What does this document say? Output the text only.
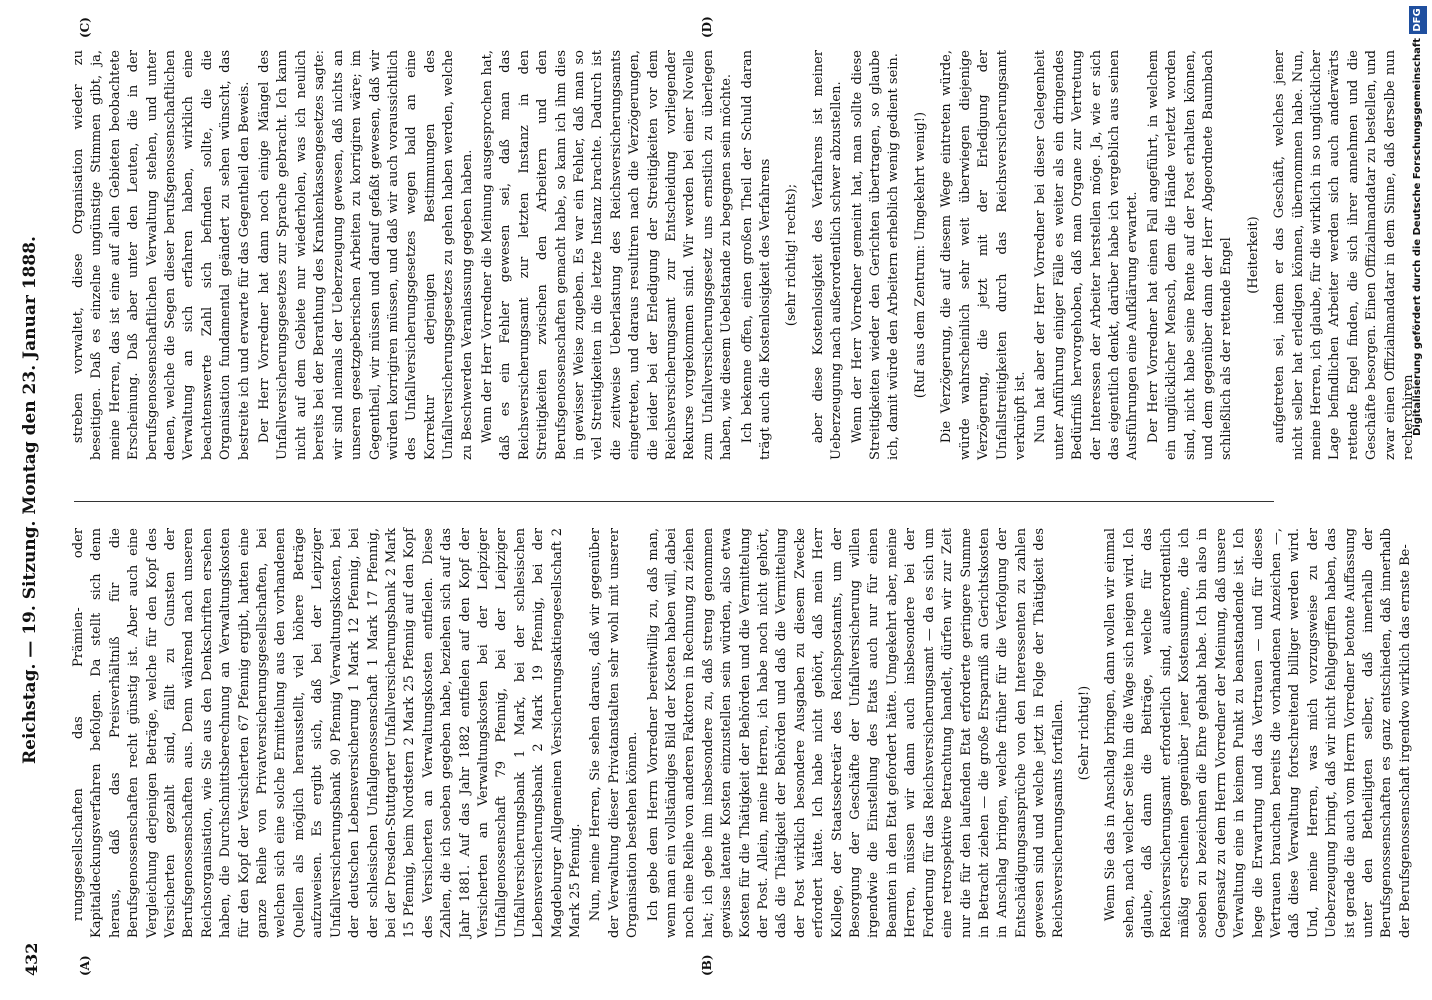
432
Reichstag. — 19. Sitzung. Montag den 23. Januar 1888.
(A)	(B)
(C)	(D)

rungsgesellschaften das Prämien- oder Kapitaldeckungsverfahren befolgen. Da stellt sich denn heraus, daß das Preisverhältniß für die Berufsgenossenschaften recht günstig ist. Aber auch eine Vergleichung derjenigen Beträge, welche für den Kopf des Versicherten gezahlt sind, fällt zu Gunsten der Berufsgenossenschaften aus. Denn während nach unseren Reichsorganisation, wie Sie aus den Denkschriften ersehen haben, die Durchschnittsberechnung an Verwaltungskosten für den Kopf der Versicherten 67 Pfennig ergibt, hatten eine ganze Reihe von Privatversicherungsgesellschaften, bei welchen sich eine solche Ermittelung aus den vorhandenen Quellen als möglich herausstellt, viel höhere Beträge aufzuweisen. Es ergibt sich, daß bei der Leipziger Unfallversicherungsbank 90 Pfennig Verwaltungskosten, bei der deutschen Lebensversicherung 1 Mark 12 Pfennig, bei der schlesischen Unfallgenossenschaft 1 Mark 17 Pfennig, bei der Dresden-Stuttgarter Unfallversicherungsbank 2 Mark 15 Pfennig, beim Nordstern 2 Mark 25 Pfennig auf den Kopf des Versicherten an Verwaltungskosten entfielen. Diese Zahlen, die ich soeben gegeben habe, beziehen sich auf das Jahr 1881. Auf das Jahr 1882 entfielen auf den Kopf der Versicherten an Verwaltungskosten bei der Leipziger Unfallgenossenschaft 79 Pfennig, bei der Leipziger Unfallversicherungsbank 1 Mark, bei der schlesischen Lebensversicherungsbank 2 Mark 19 Pfennig, bei der Magdeburger Allgemeinen Versicherungsaktiengesellschaft 2 Mark 25 Pfennig. Nun, meine Herren, Sie sehen daraus, daß wir gegenüber der Verwaltung dieser Privatanstalten sehr wohl mit unserer Organisation bestehen können. Ich gebe dem Herrn Vorredner bereitwillig zu, daß man, wenn man ein vollständiges Bild der Kosten haben will, dabei noch eine Reihe von anderen Faktoren in Rechnung zu ziehen hat; ich gebe ihm insbesondere zu, daß streng genommen gewisse latente Kosten einzustellen sein würden, also etwa Kosten für die Thätigkeit der Behörden und die Vermittelung der Post. Allein, meine Herren, ich habe noch nicht gehört, daß die Thätigkeit der Behörden und daß die Vermittelung der Post wirklich besondere Ausgaben zu diesem Zwecke erfordert hätte. Ich habe nicht gehört, daß mein Herr Kollege, der Staatssekretär des Reichspostamts, um der Besorgung der Geschäfte der Unfallversicherung willen irgendwie die Einstellung des Etats auch nur für einen Beamten in den Etat gefordert hätte. Umgekehrt aber, meine Herren, müssen wir dann auch insbesondere bei der Forderung für das Reichsversicherungsamt — da es sich um eine retrospektive Betrachtung handelt, dürfen wir zur Zeit nur die für den laufenden Etat erforderte geringere Summe in Betracht ziehen — die große Ersparniß an Gerichtskosten in Anschlag bringen, welche früher für die Verfolgung der Entschädigungsansprüche von den Interessenten zu zahlen gewesen sind und welche jetzt in Folge der Thätigkeit des Reichsversicherungsamts fortfallen. (Sehr richtig!) Wenn Sie das in Anschlag bringen, dann wollen wir einmal sehen, nach welcher Seite hin die Wage sich neigen wird. Ich glaube, daß dann die Beiträge, welche für das Reichsversicherungsamt erforderlich sind, außerordentlich mäßig erscheinen gegenüber jener Kostensumme, die ich soeben zu bezeichnen die Ehre gehabt habe. Ich bin also in Gegensatz zu dem Herrn Vorredner der Meinung, daß unsere Verwaltung eine in keinem Punkt zu beanstandende ist. Ich hege die Erwartung und das Vertrauen — und für dieses Vertrauen brauchen bereits die vorhandenen Anzeichen —, daß diese Verwaltung fortschreitend billiger werden wird. Und, meine Herren, was mich vorzugsweise zu der Ueberzeugung bringt, daß wir nicht fehlgegriffen haben, das ist gerade die auch vom Herrn Vorredner betonte Auffassung unter den Betheiligten selber, daß innerhalb der Berufsgenossenschaften es ganz entschieden, daß innerhalb der Berufsgenossenschaft irgendwo wirklich das ernste Be-

streben vorwaltet, diese Organisation wieder zu beseitigen. Daß es einzelne ungünstige Stimmen gibt, ja, meine Herren, das ist eine auf allen Gebieten beobachtete Erscheinung. Daß aber unter den Leuten, die in der berufsgenossenschaftlichen Verwaltung stehen, und unter denen, welche die Segen dieser berufsgenossenschaftlichen Verwaltung an sich erfahren haben, wirklich eine beachtenswerte Zahl sich befinden sollte, die die Organisation fundamental geändert zu sehen wünscht, das bestreite ich und erwarte für das Gegentheil den Beweis. Der Herr Vorredner hat dann noch einige Mängel des Unfallversicherungsgesetzes zur Sprache gebracht. Ich kann nicht auf dem Gebiete nur wiederholen, was ich neulich bereits bei der Berathung des Krankenkassengesetzes sagte: wir sind niemals der Ueberzeugung gewesen, daß nichts an unseren gesetzgeberischen Arbeiten zu korrigiren wäre; im Gegentheil, wir müssen und darauf gefaßt gewesen, daß wir würden korrigiren müssen, und daß wir auch voraussichtlich des Unfallversicherungsgesetzes wegen bald an eine Korrektur derjenigen Bestimmungen des Unfallversicherungsgesetzes zu gehen haben werden, welche zu Beschwerden Veranlassung gegeben haben. Wenn der Herr Vorredner die Meinung ausgesprochen hat, daß es ein Fehler gewesen sei, daß man das Reichsversicherungsamt zur letzten Instanz in den Streitigkeiten zwischen den Arbeitern und den Berufsgenossenschaften gemacht habe, so kann ich ihm dies in gewisser Weise zugeben. Es war ein Fehler, daß man so viel Streitigkeiten in die letzte Instanz brachte. Dadurch ist die zeitweise Ueberlastung des Reichsversicherungsamts eingetreten, und daraus resultiren nach die Verzögerungen, die leider bei der Erledigung der Streitigkeiten vor dem Reichsversicherungsamt zur Entscheidung vorliegender Rekurse vorgekommen sind. Wir werden bei einer Novelle zum Unfallversicherungsgesetz uns ernstlich zu überlegen haben, wie diesem Uebelstande zu begegnen sein möchte. Ich bekenne offen, einen großen Theil der Schuld daran trägt auch die Kostenlosigkeit des Verfahrens (sehr richtig! rechts); aber diese Kostenlosigkeit des Verfahrens ist meiner Ueberzeugung nach außerordentlich schwer abzustellen. Wenn der Herr Vorredner gemeint hat, man sollte diese Streitigkeiten wieder den Gerichten übertragen, so glaube ich, damit würde den Arbeitern erheblich wenig gedient sein. (Ruf aus dem Zentrum: Umgekehrt wenig!) Die Verzögerung, die auf diesem Wege eintreten würde, würde wahrscheinlich sehr weit überwiegen diejenige Verzögerung, die jetzt mit der Erledigung der Unfallstreitigkeiten durch das Reichsversicherungsamt verknüpft ist. Nun hat aber der Herr Vorredner bei dieser Gelegenheit unter Anführung einiger Fälle es weiter als ein dringendes Bedürfniß hervorgehoben, daß man Organe zur Vertretung der Interessen der Arbeiter herstellen möge. Ja, wie er sich das eigentlich denkt, darüber habe ich vergeblich aus seinen Ausführungen eine Aufklärung erwartet. Der Herr Vorredner hat einen Fall angeführt, in welchem ein unglücklicher Mensch, dem die Hände verletzt worden sind, nicht habe seine Rente auf der Post erhalten können, und dem gegenüber dann der Herr Abgeordnete Baumbach schließlich als der rettende Engel (Heiterkeit) aufgetreten sei, indem er das Geschäft, welches jener nicht selber hat erledigen können, übernommen habe. Nun, meine Herren, ich glaube, für die wirklich in so unglücklicher Lage befindlichen Arbeiter werden sich auch anderwärts rettende Engel finden, die sich ihrer annehmen und die Geschäfte besorgen. Einen Offizialmandatar zu bestellen, und zwar einen Offizialmandatar in dem Sinne, daß derselbe nun recherchiren

Digitalisierung gefördert durch die Deutsche Forschungsgemeinschaft
DFG
